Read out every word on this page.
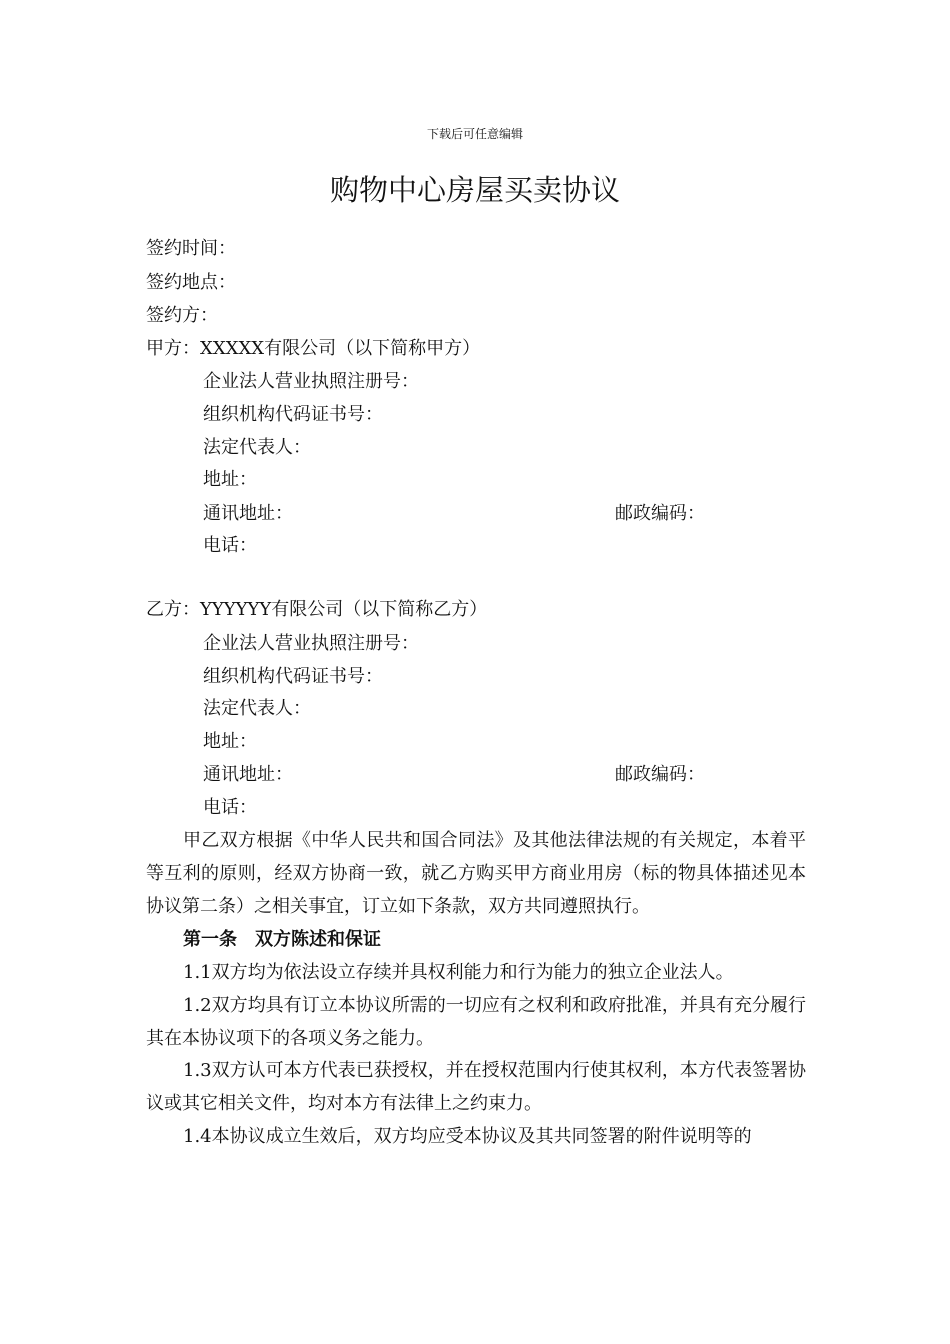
下载后可任意编辑
购物中心房屋买卖协议
签约时间：
签约地点：
签约方：
甲方：XXXXX有限公司（以下简称甲方）
企业法人营业执照注册号：
组织机构代码证书号：
法定代表人：
地址：
通讯地址：	邮政编码：
电话：
乙方：YYYYYY有限公司（以下简称乙方）
企业法人营业执照注册号：
组织机构代码证书号：
法定代表人：
地址：
通讯地址：	邮政编码：
电话：

甲乙双方根据《中华人民共和国合同法》及其他法律法规的有关规定，本着平等互利的原则，经双方协商一致，就乙方购买甲方商业用房（标的物具体描述见本协议第二条）之相关事宜，订立如下条款，双方共同遵照执行。

第一条　双方陈述和保证

1.1双方均为依法设立存续并具权利能力和行为能力的独立企业法人。

1.2双方均具有订立本协议所需的一切应有之权利和政府批准，并具有充分履行其在本协议项下的各项义务之能力。

1.3双方认可本方代表已获授权，并在授权范围内行使其权利，本方代表签署协议或其它相关文件，均对本方有法律上之约束力。

1.4本协议成立生效后，双方均应受本协议及其共同签署的附件说明等的
